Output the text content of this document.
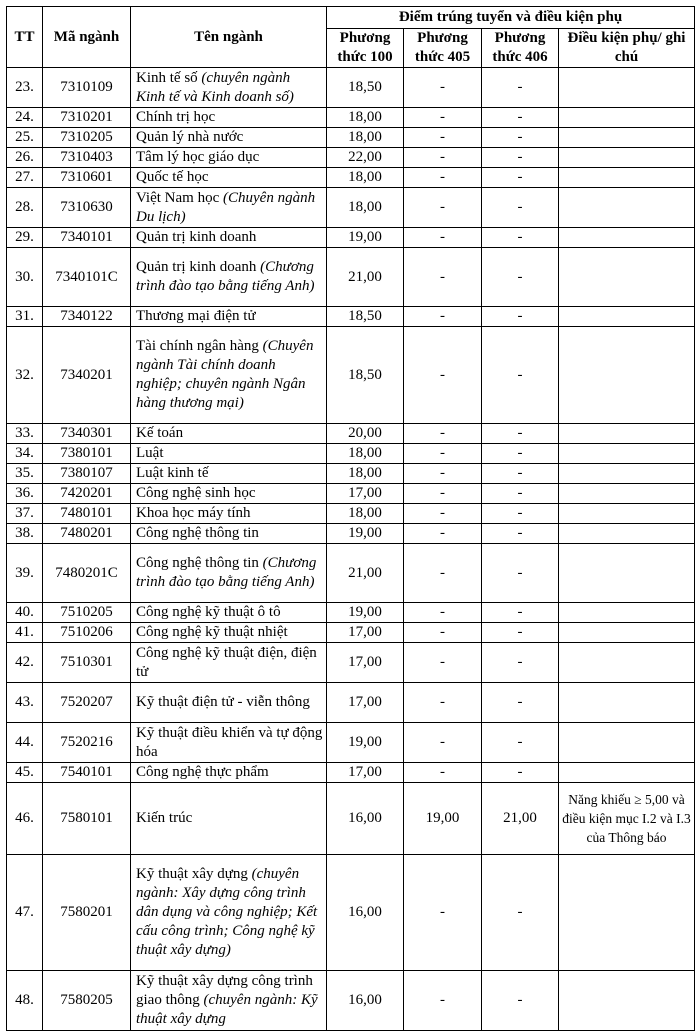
TT	Mã ngành	Tên ngành	Điểm trúng tuyển và điều kiện phụ			
			Phương thức 100	Phương thức 405	Phương thức 406	Điều kiện phụ/ ghi chú
23.	7310109	Kinh tế số (chuyên ngành Kinh tế và Kinh doanh số)	18,50	-	-	
24.	7310201	Chính trị học	18,00	-	-	
25.	7310205	Quản lý nhà nước	18,00	-	-	
26.	7310403	Tâm lý học giáo dục	22,00	-	-	
27.	7310601	Quốc tế học	18,00	-	-	
28.	7310630	Việt Nam học (Chuyên ngành Du lịch)	18,00	-	-	
29.	7340101	Quản trị kinh doanh	19,00	-	-	
30.	7340101C	Quản trị kinh doanh (Chương trình đào tạo bằng tiếng Anh)	21,00	-	-	
31.	7340122	Thương mại điện tử	18,50	-	-	
32.	7340201	Tài chính ngân hàng (Chuyên ngành Tài chính doanh nghiệp; chuyên ngành Ngân hàng thương mại)	18,50	-	-	
33.	7340301	Kế toán	20,00	-	-	
34.	7380101	Luật	18,00	-	-	
35.	7380107	Luật kinh tế	18,00	-	-	
36.	7420201	Công nghệ sinh học	17,00	-	-	
37.	7480101	Khoa học máy tính	18,00	-	-	
38.	7480201	Công nghệ thông tin	19,00	-	-	
39.	7480201C	Công nghệ thông tin (Chương trình đào tạo bằng tiếng Anh)	21,00	-	-	
40.	7510205	Công nghệ kỹ thuật ô tô	19,00	-	-	
41.	7510206	Công nghệ kỹ thuật nhiệt	17,00	-	-	
42.	7510301	Công nghệ kỹ thuật điện, điện tử	17,00	-	-	
43.	7520207	Kỹ thuật điện tử - viễn thông	17,00	-	-	
44.	7520216	Kỹ thuật điều khiển và tự động hóa	19,00	-	-	
45.	7540101	Công nghệ thực phẩm	17,00	-	-	
46.	7580101	Kiến trúc	16,00	19,00	21,00	Năng khiếu ≥ 5,00 và điều kiện mục I.2 và I.3 của Thông báo
47.	7580201	Kỹ thuật xây dựng (chuyên ngành: Xây dựng công trình dân dụng và công nghiệp; Kết cấu công trình; Công nghệ kỹ thuật xây dựng)	16,00	-	-	
48.	7580205	Kỹ thuật xây dựng công trình giao thông (chuyên ngành: Kỹ thuật xây dựng	16,00	-	-	
